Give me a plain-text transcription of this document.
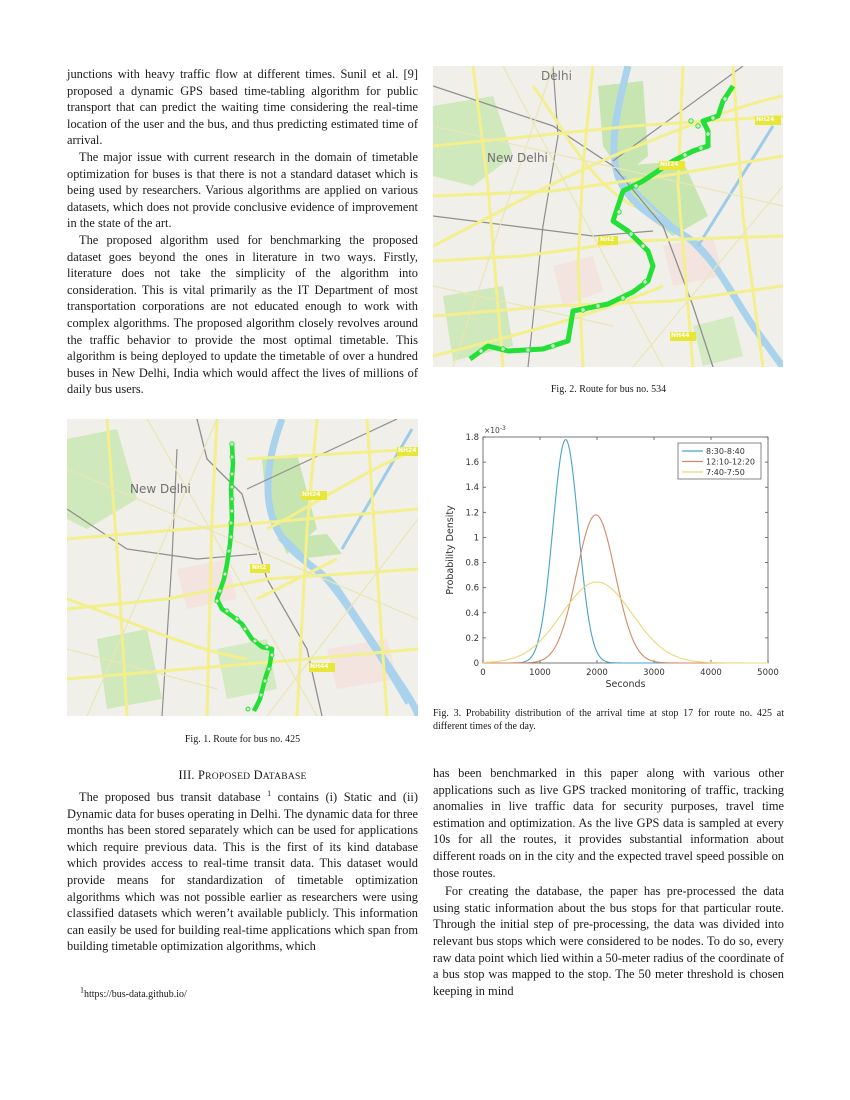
junctions with heavy traffic flow at different times. Sunil et al. [9] proposed a dynamic GPS based time-tabling algorithm for public transport that can predict the waiting time considering the real-time location of the user and the bus, and thus predicting estimated time of arrival.

The major issue with current research in the domain of timetable optimization for buses is that there is not a standard dataset which is being used by researchers. Various algorithms are applied on various datasets, which does not provide conclusive evidence of improvement in the state of the art.

The proposed algorithm used for benchmarking the proposed dataset goes beyond the ones in literature in two ways. Firstly, literature does not take the simplicity of the algorithm into consideration. This is vital primarily as the IT Department of most transportation corporations are not educated enough to work with complex algorithms. The proposed algorithm closely revolves around the traffic behavior to provide the most optimal timetable. This algorithm is being deployed to update the timetable of over a hundred buses in New Delhi, India which would affect the lives of millions of daily bus users.

Delhi
New Delhi
NH24
NH24
NH2
NH44
Fig. 2. Route for bus no. 534
New Delhi
NH24
NH24
NH2
NH44
Fig. 1. Route for bus no. 425
0	1000	2000	3000	4000	5000
0
0.2
0.4
0.6
0.8
1
1.2
1.4
1.6
1.8
Seconds
Probability Density
$\times 10^{-3}$
8:30-8:40
12:10-12:20
7:40-7:50
Fig. 3. Probability distribution of the arrival time at stop 17 for route no. 425 at different times of the day.
III. PROPOSED DATABASE

The proposed bus transit database $^1$ contains (i) Static and (ii) Dynamic data for buses operating in Delhi. The dynamic data for three months has been stored separately which can be used for applications which require previous data. This is the first of its kind database which provides access to real-time transit data. This dataset would provide means for standardization of timetable optimization algorithms which was not possible earlier as researchers were using classified datasets which weren’t available publicly. This information can easily be used for building real-time applications which span from building timetable optimization algorithms, which

$^1$https://bus-data.github.io/

has been benchmarked in this paper along with various other applications such as live GPS tracked monitoring of traffic, tracking anomalies in live traffic data for security purposes, travel time estimation and optimization. As the live GPS data is sampled at every 10s for all the routes, it provides substantial information about different roads on in the city and the expected travel speed possible on those routes.

For creating the database, the paper has pre-processed the data using static information about the bus stops for that particular route. Through the initial step of pre-processing, the data was divided into relevant bus stops which were considered to be nodes. To do so, every raw data point which lied within a 50-meter radius of the coordinate of a bus stop was mapped to the stop. The 50 meter threshold is chosen keeping in mind
